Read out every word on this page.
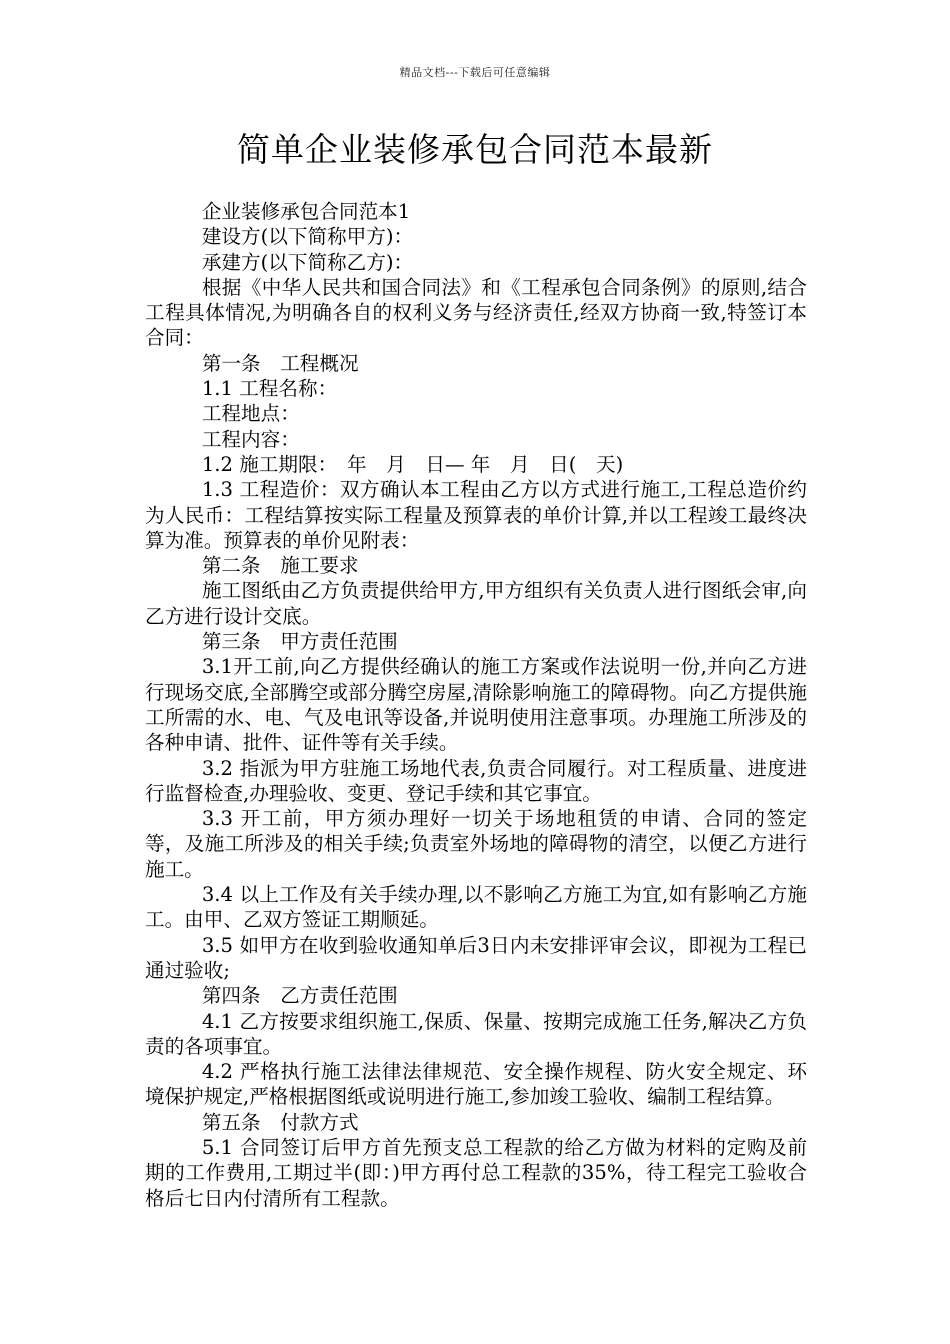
精品文档---下载后可任意编辑
简单企业装修承包合同范本最新

企业装修承包合同范本1

建设方(以下简称甲方)：

承建方(以下简称乙方)：

根据《中华人民共和国合同法》和《工程承包合同条例》的原则,结合工程具体情况,为明确各自的权利义务与经济责任,经双方协商一致,特签订本合同：

第一条　工程概况

1.1 工程名称：

工程地点：

工程内容：

1.2 施工期限：　年　月　日— 年　月　日(　天)

1.3 工程造价：双方确认本工程由乙方以方式进行施工,工程总造价约为人民币：工程结算按实际工程量及预算表的单价计算,并以工程竣工最终决算为准。预算表的单价见附表：

第二条　施工要求

施工图纸由乙方负责提供给甲方,甲方组织有关负责人进行图纸会审,向乙方进行设计交底。

第三条　甲方责任范围

3.1开工前,向乙方提供经确认的施工方案或作法说明一份,并向乙方进行现场交底,全部腾空或部分腾空房屋,清除影响施工的障碍物。向乙方提供施工所需的水、电、气及电讯等设备,并说明使用注意事项。办理施工所涉及的各种申请、批件、证件等有关手续。

3.2 指派为甲方驻施工场地代表,负责合同履行。对工程质量、进度进行监督检查,办理验收、变更、登记手续和其它事宜。

3.3 开工前，甲方须办理好一切关于场地租赁的申请、合同的签定等，及施工所涉及的相关手续;负责室外场地的障碍物的清空，以便乙方进行施工。

3.4 以上工作及有关手续办理,以不影响乙方施工为宜,如有影响乙方施工。由甲、乙双方签证工期顺延。

3.5 如甲方在收到验收通知单后3日内未安排评审会议，即视为工程已通过验收;

第四条　乙方责任范围

4.1 乙方按要求组织施工,保质、保量、按期完成施工任务,解决乙方负责的各项事宜。

4.2 严格执行施工法律法律规范、安全操作规程、防火安全规定、环境保护规定,严格根据图纸或说明进行施工,参加竣工验收、编制工程结算。

第五条　付款方式

5.1 合同签订后甲方首先预支总工程款的给乙方做为材料的定购及前期的工作费用,工期过半(即：)甲方再付总工程款的35%，待工程完工验收合格后七日内付清所有工程款。
